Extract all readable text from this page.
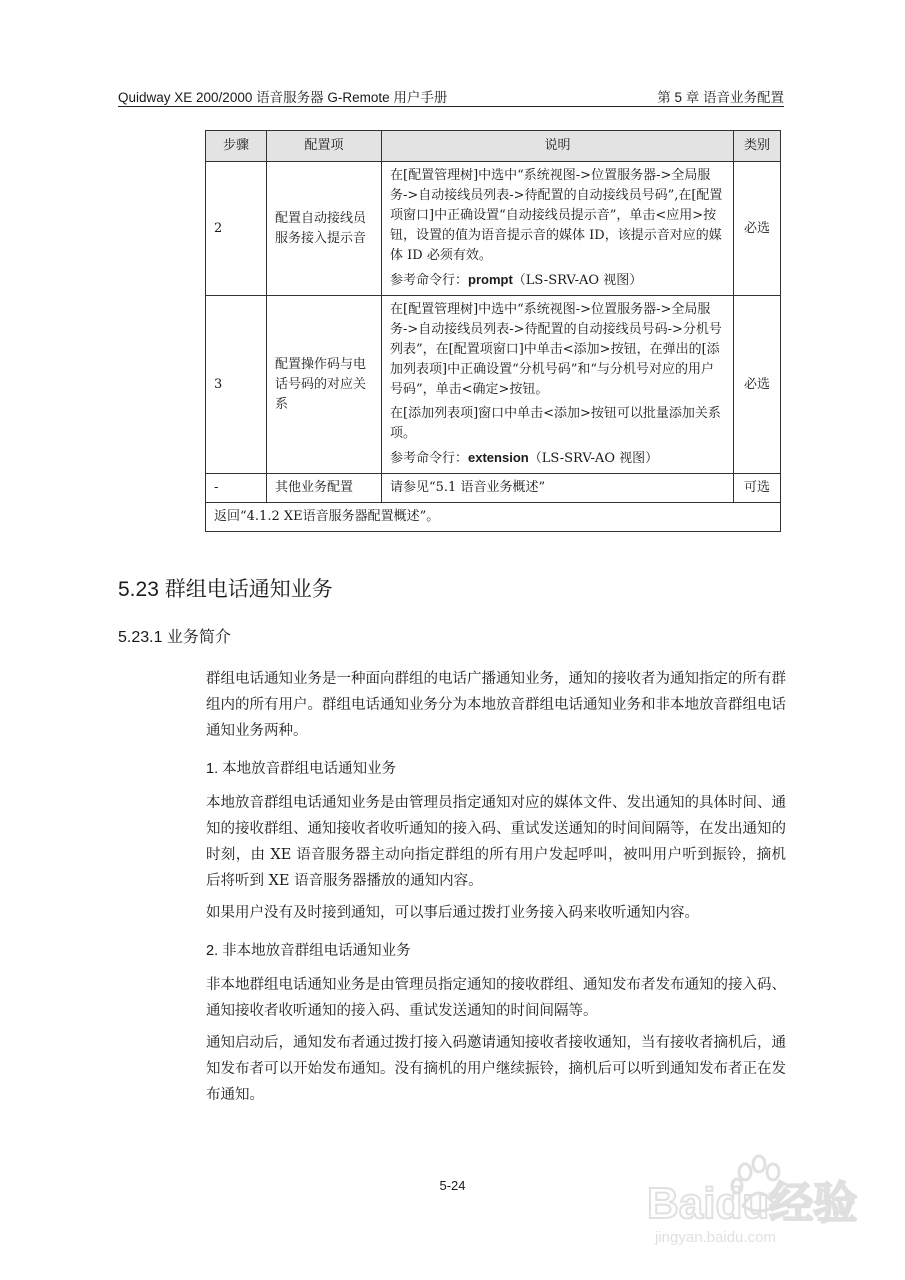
Quidway XE 200/2000 语音服务器 G-Remote 用户手册	第 5 章 语音业务配置
步骤	配置项	说明	类别
2	配置自动接线员服务接入提示音	在[配置管理树]中选中“系统视图->位置服务器->全局服务->自动接线员列表->待配置的自动接线员号码”,在[配置项窗口]中正确设置“自动接线员提示音”，单击<应用>按钮，设置的值为语音提示音的媒体 ID，该提示音对应的媒体 ID 必须有效。

参考命令行：prompt（LS-SRV-AO 视图）	必选
3	配置操作码与电话号码的对应关系	在[配置管理树]中选中“系统视图->位置服务器->全局服务->自动接线员列表->待配置的自动接线员号码->分机号列表”，在[配置项窗口]中单击<添加>按钮，在弹出的[添加列表项]中正确设置“分机号码”和“与分机号对应的用户号码”，单击<确定>按钮。

在[添加列表项]窗口中单击<添加>按钮可以批量添加关系项。

参考命令行：extension（LS-SRV-AO 视图）	必选
-	其他业务配置	请参见“5.1 语音业务概述”	可选
返回“4.1.2 XE语音服务器配置概述”。			
5.23 群组电话通知业务
5.23.1 业务简介

群组电话通知业务是一种面向群组的电话广播通知业务，通知的接收者为通知指定的所有群组内的所有用户。群组电话通知业务分为本地放音群组电话通知业务和非本地放音群组电话通知业务两种。

1. 本地放音群组电话通知业务

本地放音群组电话通知业务是由管理员指定通知对应的媒体文件、发出通知的具体时间、通知的接收群组、通知接收者收听通知的接入码、重试发送通知的时间间隔等，在发出通知的时刻，由 XE 语音服务器主动向指定群组的所有用户发起呼叫，被叫用户听到振铃，摘机后将听到 XE 语音服务器播放的通知内容。

如果用户没有及时接到通知，可以事后通过拨打业务接入码来收听通知内容。

2. 非本地放音群组电话通知业务

非本地群组电话通知业务是由管理员指定通知的接收群组、通知发布者发布通知的接入码、通知接收者收听通知的接入码、重试发送通知的时间间隔等。

通知启动后，通知发布者通过拨打接入码邀请通知接收者接收通知，当有接收者摘机后，通知发布者可以开始发布通知。没有摘机的用户继续振铃，摘机后可以听到通知发布者正在发布通知。

5-24	Baidu经验
jingyan.baidu.com
